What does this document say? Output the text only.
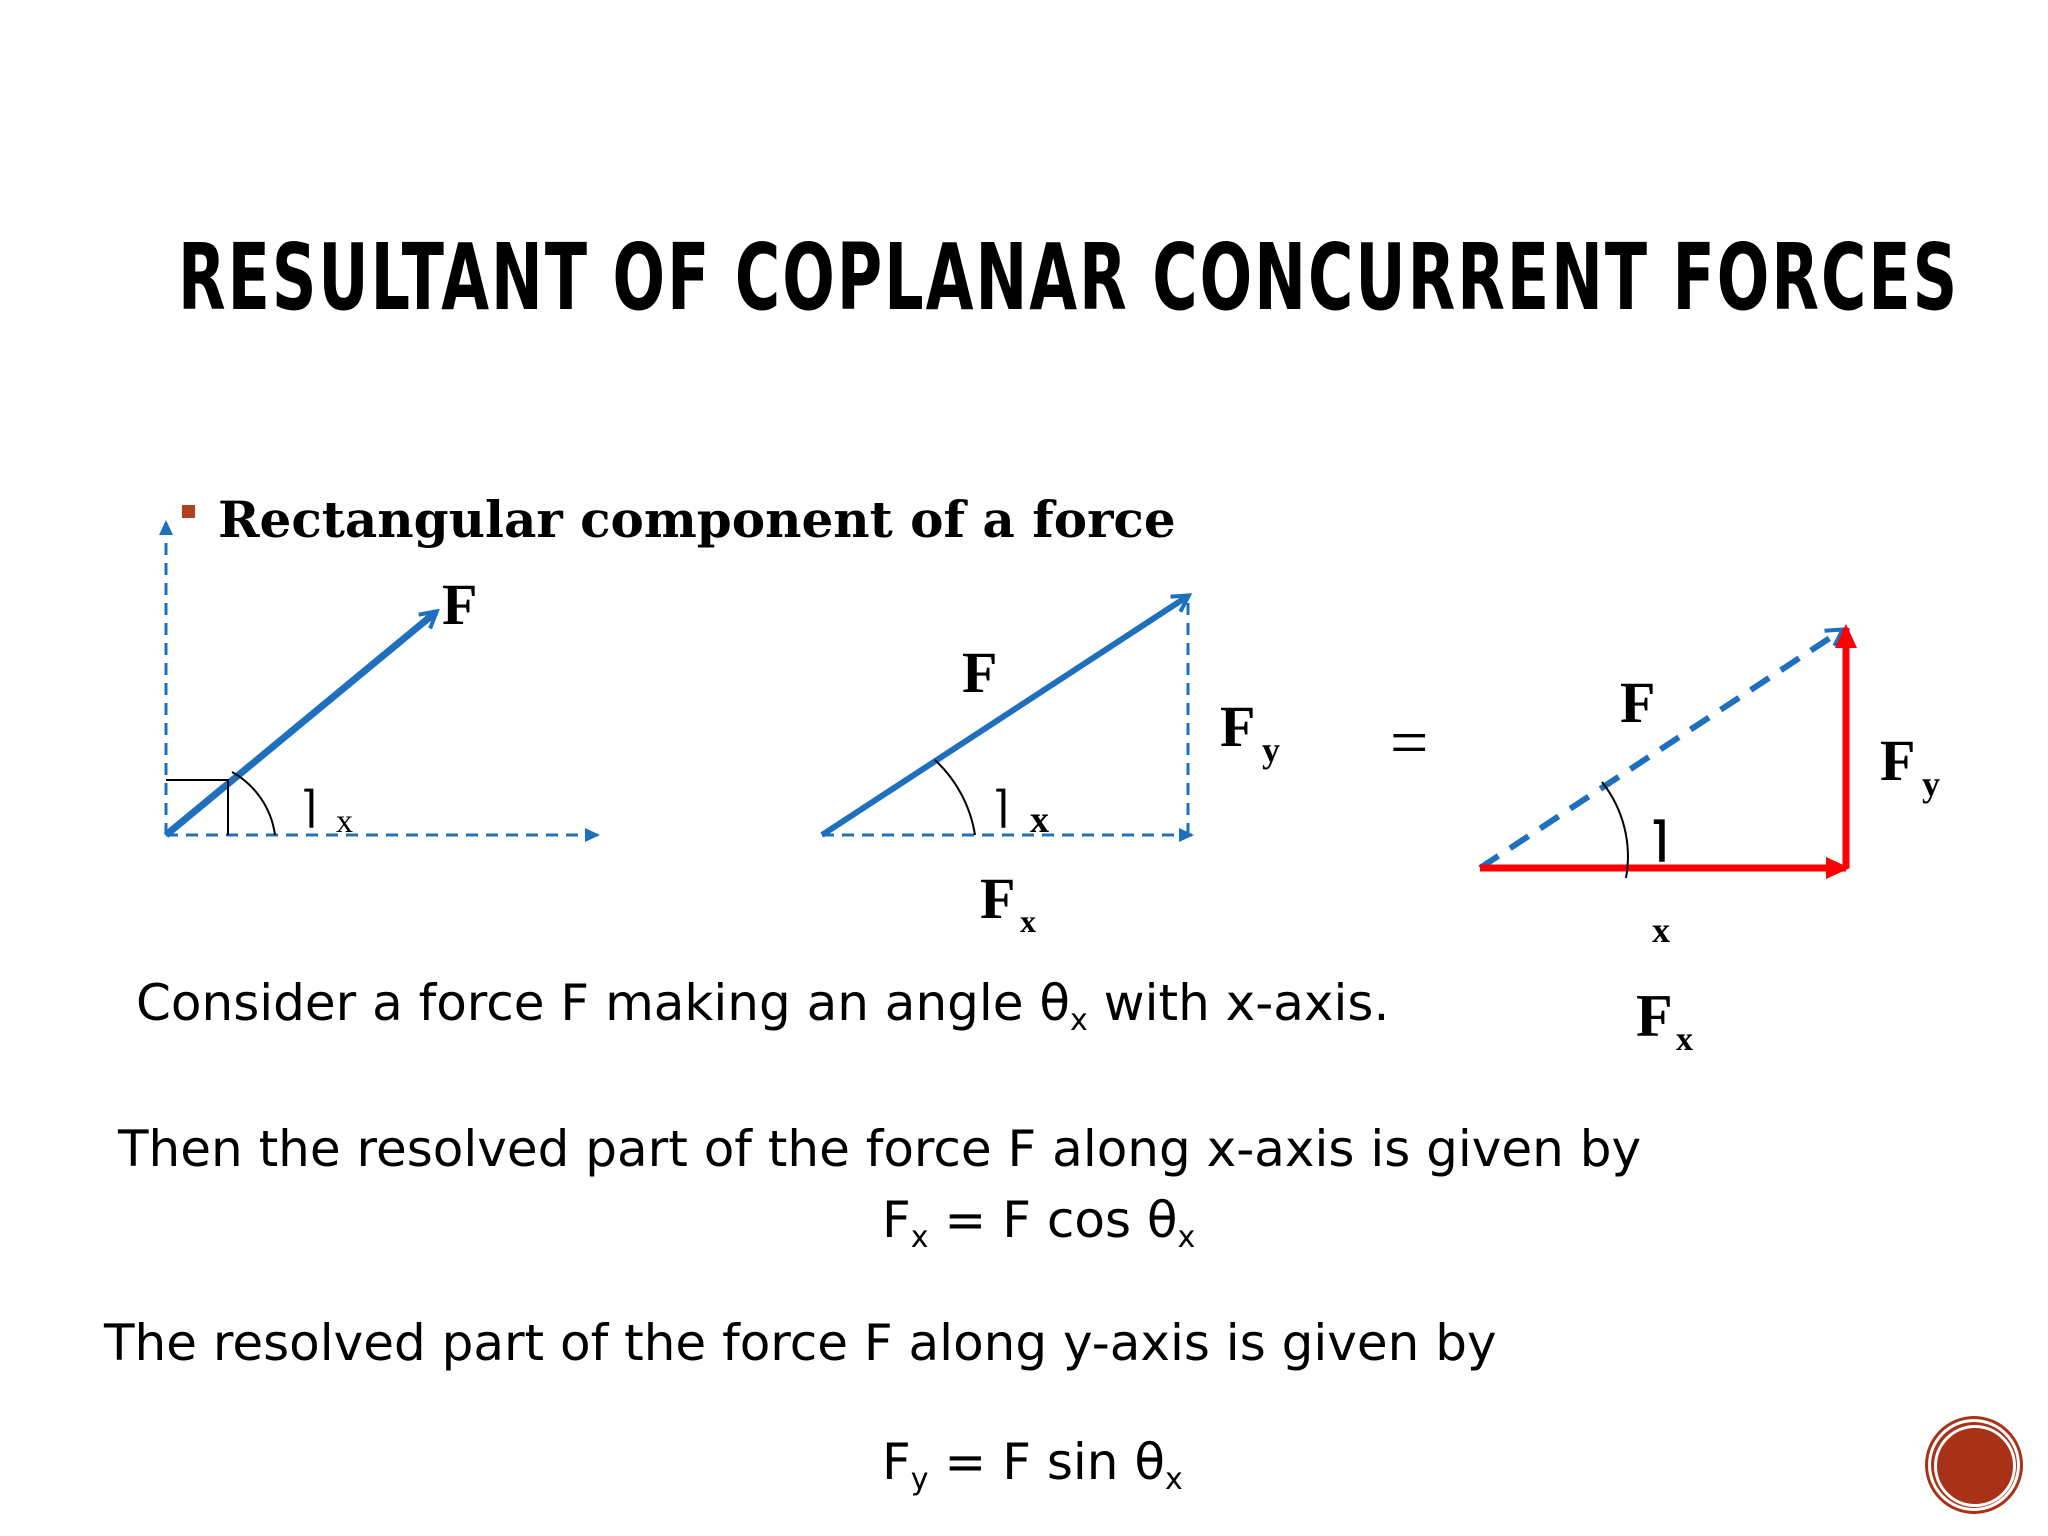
RESULTANT OF COPLANAR CONCURRENT FORCES
Rectangular component of a force
F
⌉ x
F
⌉ x
F x
F y =
F
⌉
x
F y
F x
Consider a force F making an angle $\theta_x$ with x-axis.
Then the resolved part of the force F along x-axis is given by
$F_x = F$ $\cos \theta_x$
The resolved part of the force F along y-axis is given by
$F_y = F$ $\sin \theta_x$
